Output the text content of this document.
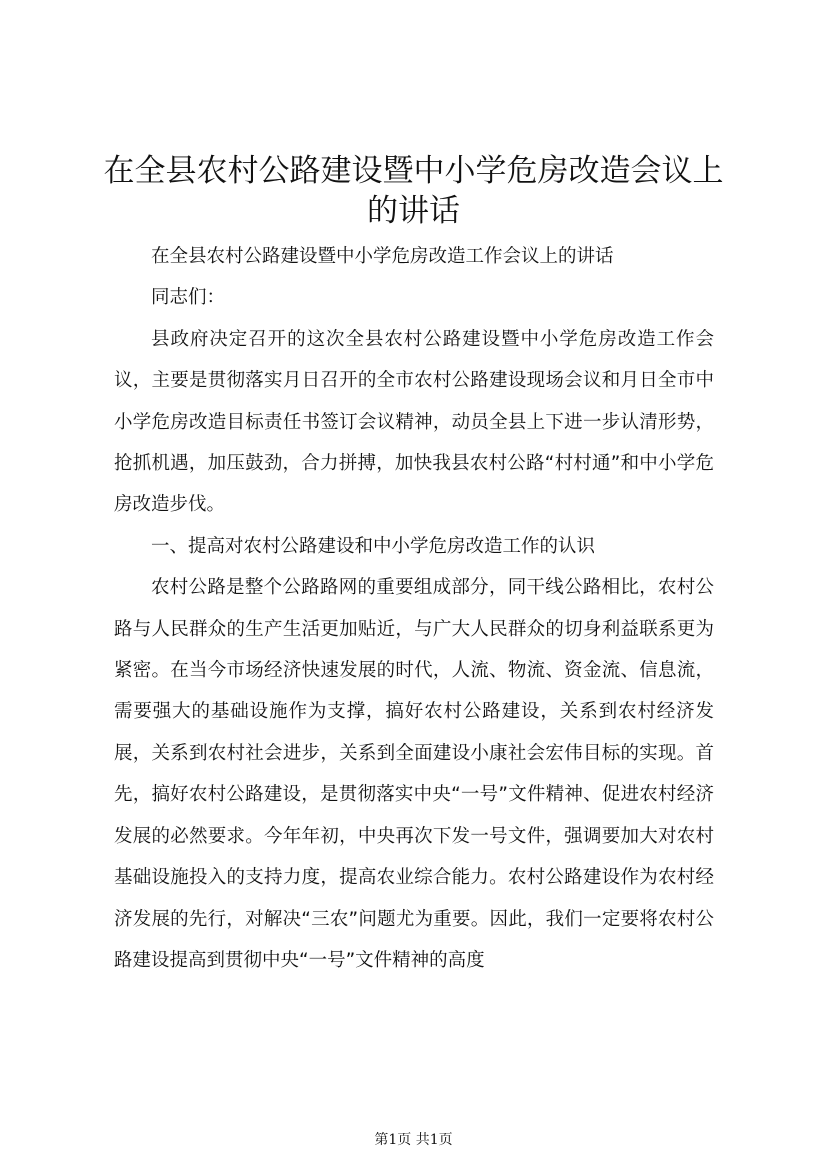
在全县农村公路建设暨中小学危房改造会议上
的讲话

在全县农村公路建设暨中小学危房改造工作会议上的讲话

同志们：

县政府决定召开的这次全县农村公路建设暨中小学危房改造工作会议，主要是贯彻落实月日召开的全市农村公路建设现场会议和月日全市中小学危房改造目标责任书签订会议精神，动员全县上下进一步认清形势，抢抓机遇，加压鼓劲，合力拼搏，加快我县农村公路“村村通”和中小学危房改造步伐。

一、提高对农村公路建设和中小学危房改造工作的认识

农村公路是整个公路路网的重要组成部分，同干线公路相比，农村公路与人民群众的生产生活更加贴近，与广大人民群众的切身利益联系更为紧密。在当今市场经济快速发展的时代，人流、物流、资金流、信息流，需要强大的基础设施作为支撑，搞好农村公路建设，关系到农村经济发展，关系到农村社会进步，关系到全面建设小康社会宏伟目标的实现。首先，搞好农村公路建设，是贯彻落实中央“一号”文件精神、促进农村经济发展的必然要求。今年年初，中央再次下发一号文件，强调要加大对农村基础设施投入的支持力度，提高农业综合能力。农村公路建设作为农村经济发展的先行，对解决“三农”问题尤为重要。因此，我们一定要将农村公路建设提高到贯彻中央“一号”文件精神的高度

第1页 共1页
